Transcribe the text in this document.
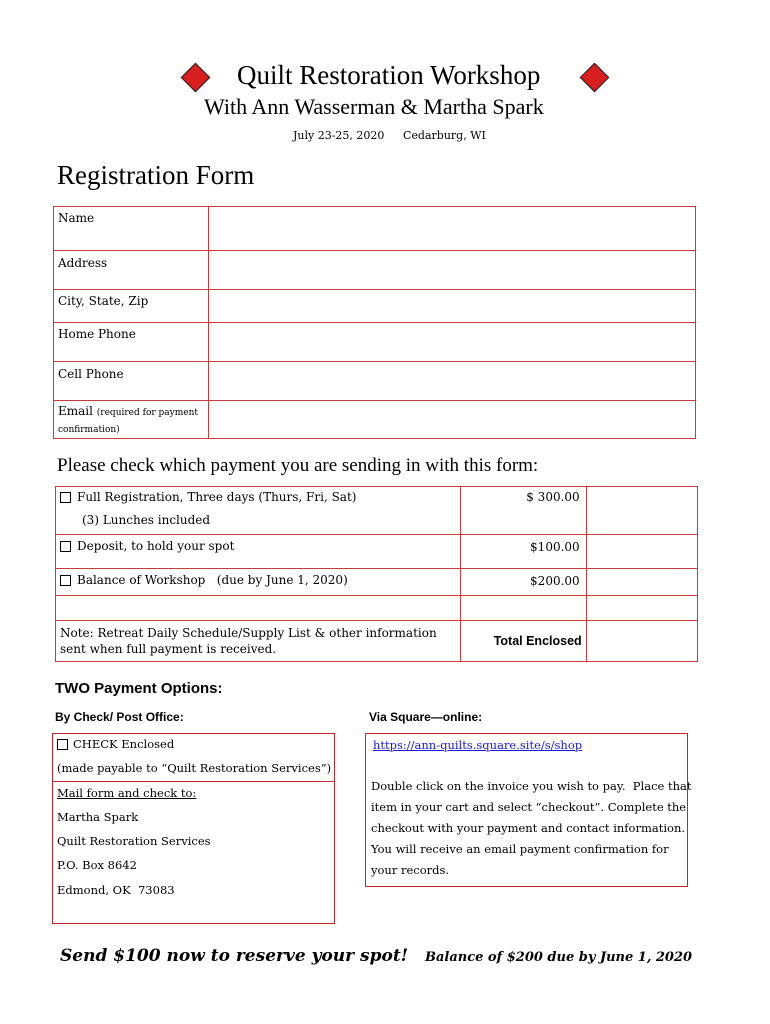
Quilt Restoration Workshop
With Ann Wasserman & Martha Spark
July 23-25, 2020 Cedarburg, WI
Registration Form
Name	

Address	

City, State, Zip	

Home Phone	

Cell Phone	

Email (required for payment confirmation)	

Please check which payment you are sending in with this form:
Full Registration, Three days (Thurs, Fri, Sat)
(3) Lunches included	$ 300.00	

Deposit, to hold your spot	$100.00	

Balance of Workshop   (due by June 1, 2020)	$200.00	

Note: Retreat Daily Schedule/Supply List & other information sent when full payment is received.	Total Enclosed	

TWO Payment Options:
By Check/ Post Office:	Via Square—online:
CHECK Enclosed
(made payable to “Quilt Restoration Services”)
Mail form and check to:
Martha Spark
Quilt Restoration Services
P.O. Box 8642
Edmond, OK  73083
https://ann-quilts.square.site/s/shop
Double click on the invoice you wish to pay.  Place that
item in your cart and select “checkout”. Complete the
checkout with your payment and contact information.
You will receive an email payment confirmation for
your records.
Send $100 now to reserve your spot! Balance of $200 due by June 1, 2020
